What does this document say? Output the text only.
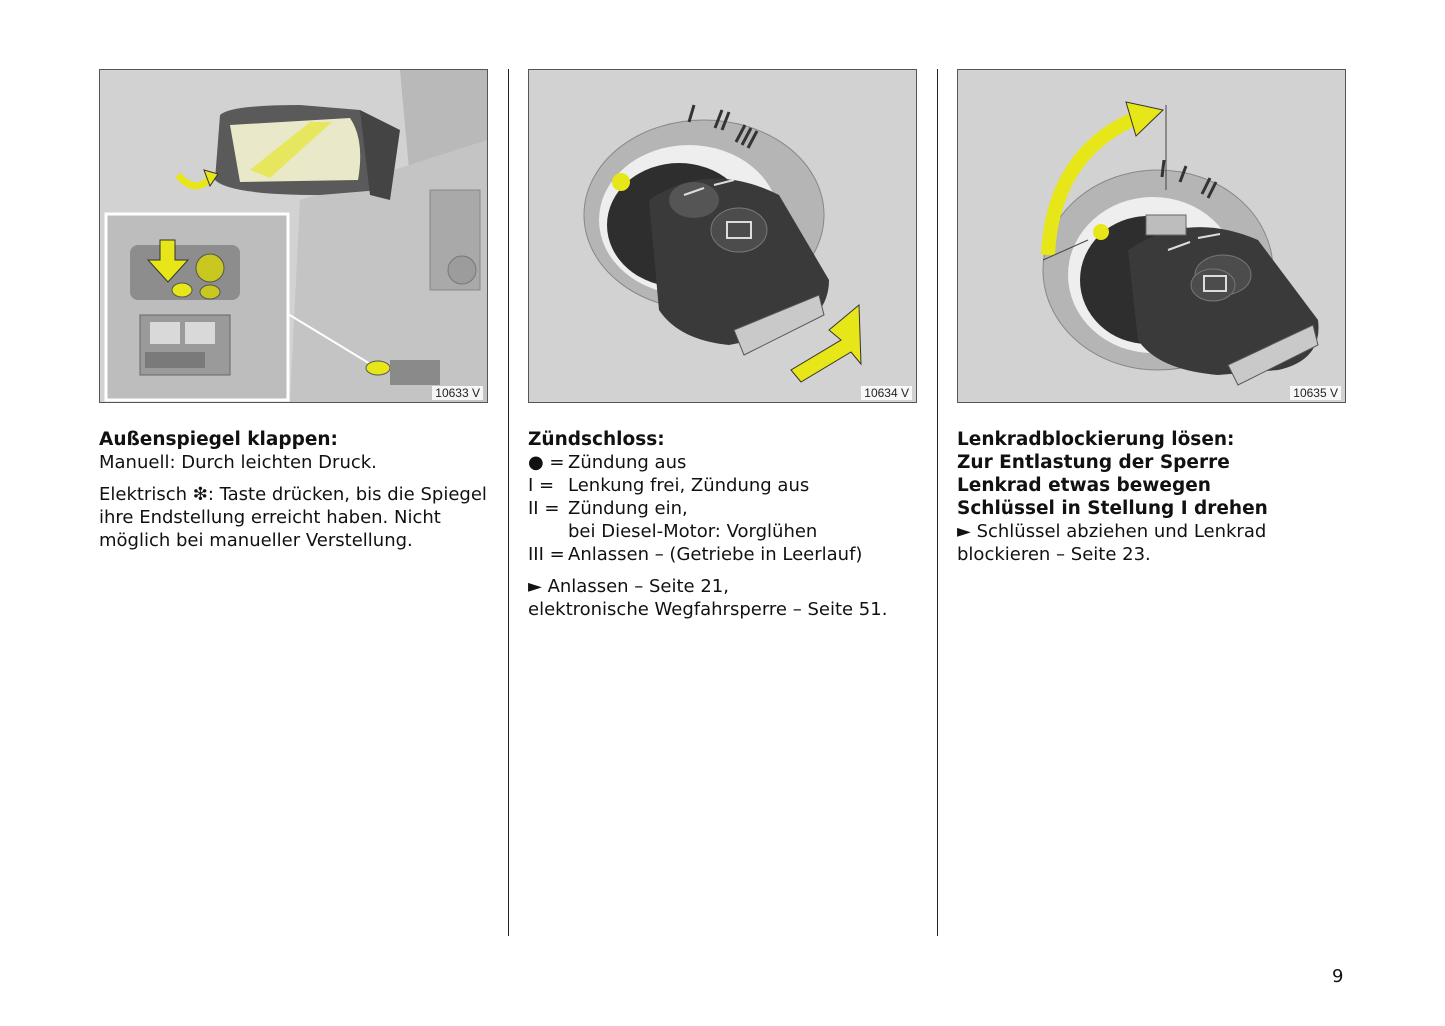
10633 V
Außenspiegel klappen:
Manuell: Durch leichten Druck.
Elektrisch ❇: Taste drücken, bis die Spiegel ihre Endstellung erreicht haben. Nicht möglich bei manueller Verstellung.
10634 V
Zündschloss:
● = Zündung aus
I = Lenkung frei, Zündung aus
II = Zündung ein,
bei Diesel-Motor: Vorglühen
III = Anlassen – (Getriebe in Leerlauf)
► Anlassen – Seite 21,
elektronische Wegfahrsperre – Seite 51.
10635 V
Lenkradblockierung lösen:
Zur Entlastung der Sperre
Lenkrad etwas bewegen
Schlüssel in Stellung I drehen
► Schlüssel abziehen und Lenkrad blockieren – Seite 23.
9
